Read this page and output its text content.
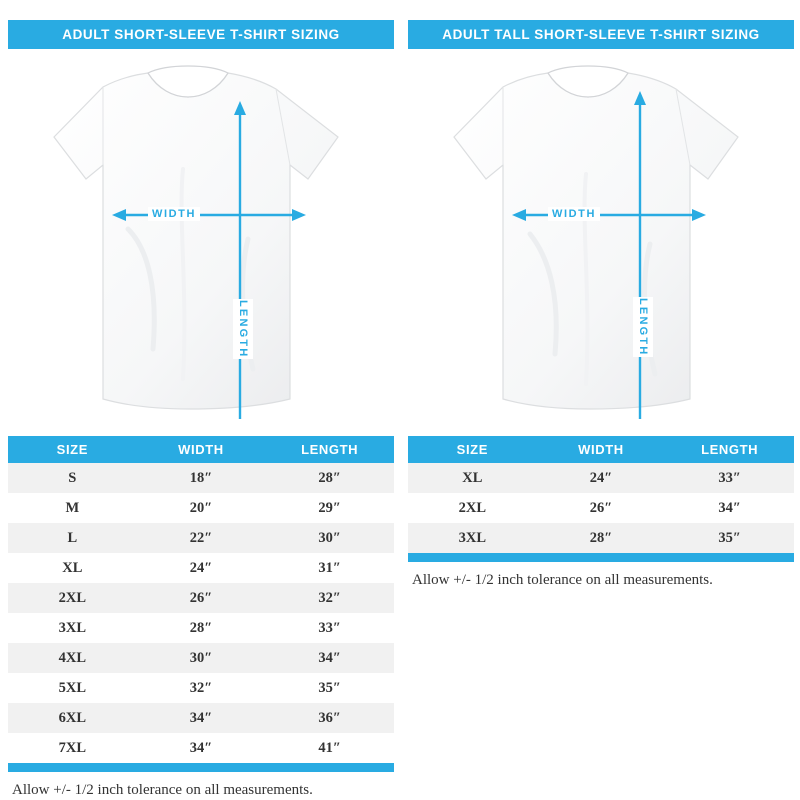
ADULT SHORT-SLEEVE T-SHIRT SIZING
WIDTH
LENGTH
ADULT TALL SHORT-SLEEVE T-SHIRT SIZING
WIDTH
LENGTH
SIZE	WIDTH	LENGTH
S	18″	28″
M	20″	29″
L	22″	30″
XL	24″	31″
2XL	26″	32″
3XL	28″	33″
4XL	30″	34″
5XL	32″	35″
6XL	34″	36″
7XL	34″	41″
Allow +/- 1/2 inch tolerance on all measurements.
SIZE	WIDTH	LENGTH
XL	24″	33″
2XL	26″	34″
3XL	28″	35″
Allow +/- 1/2 inch tolerance on all measurements.
